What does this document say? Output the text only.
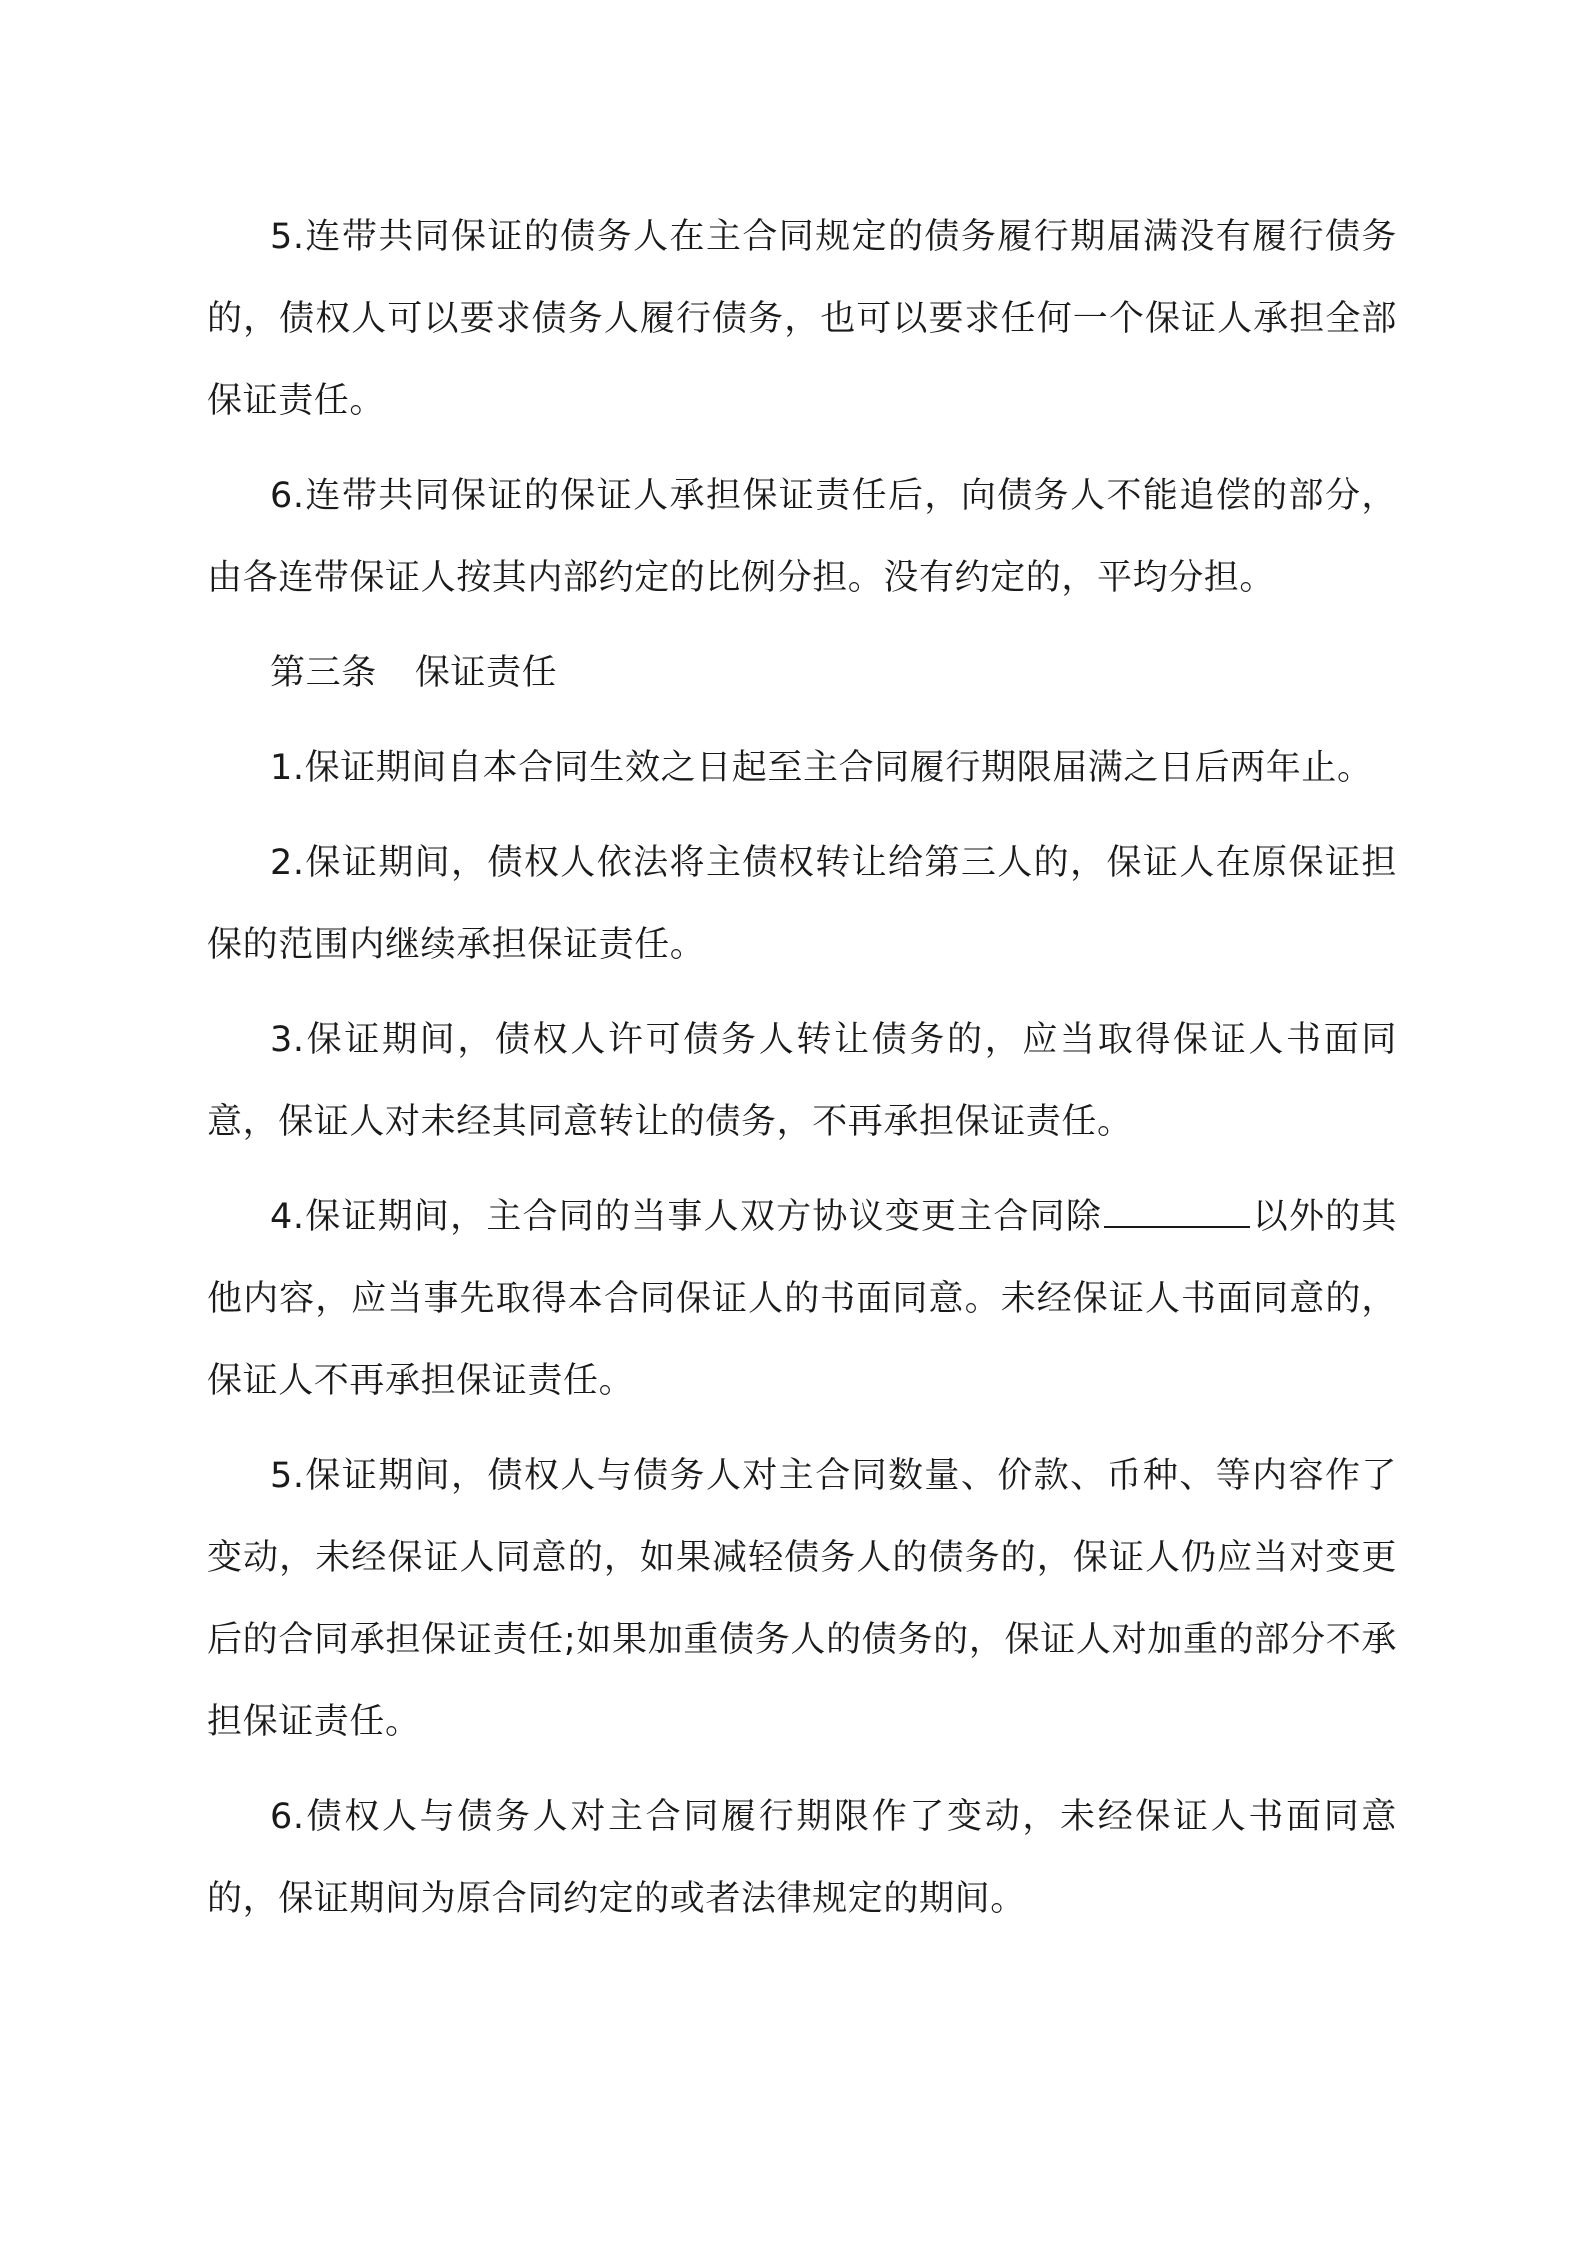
5.连带共同保证的债务人在主合同规定的债务履行期届满没有履行债务的，债权人可以要求债务人履行债务，也可以要求任何一个保证人承担全部保证责任。

6.连带共同保证的保证人承担保证责任后，向债务人不能追偿的部分，由各连带保证人按其内部约定的比例分担。没有约定的，平均分担。

第三条 保证责任

1.保证期间自本合同生效之日起至主合同履行期限届满之日后两年止。

2.保证期间，债权人依法将主债权转让给第三人的，保证人在原保证担保的范围内继续承担保证责任。

3.保证期间，债权人许可债务人转让债务的，应当取得保证人书面同意，保证人对未经其同意转让的债务，不再承担保证责任。

4.保证期间，主合同的当事人双方协议变更主合同除	以外的其他内容，应当事先取得本合同保证人的书面同意。未经保证人书面同意的，保证人不再承担保证责任。

5.保证期间，债权人与债务人对主合同数量、价款、币种、等内容作了变动，未经保证人同意的，如果减轻债务人的债务的，保证人仍应当对变更后的合同承担保证责任;如果加重债务人的债务的，保证人对加重的部分不承担保证责任。

6.债权人与债务人对主合同履行期限作了变动，未经保证人书面同意的，保证期间为原合同约定的或者法律规定的期间。
